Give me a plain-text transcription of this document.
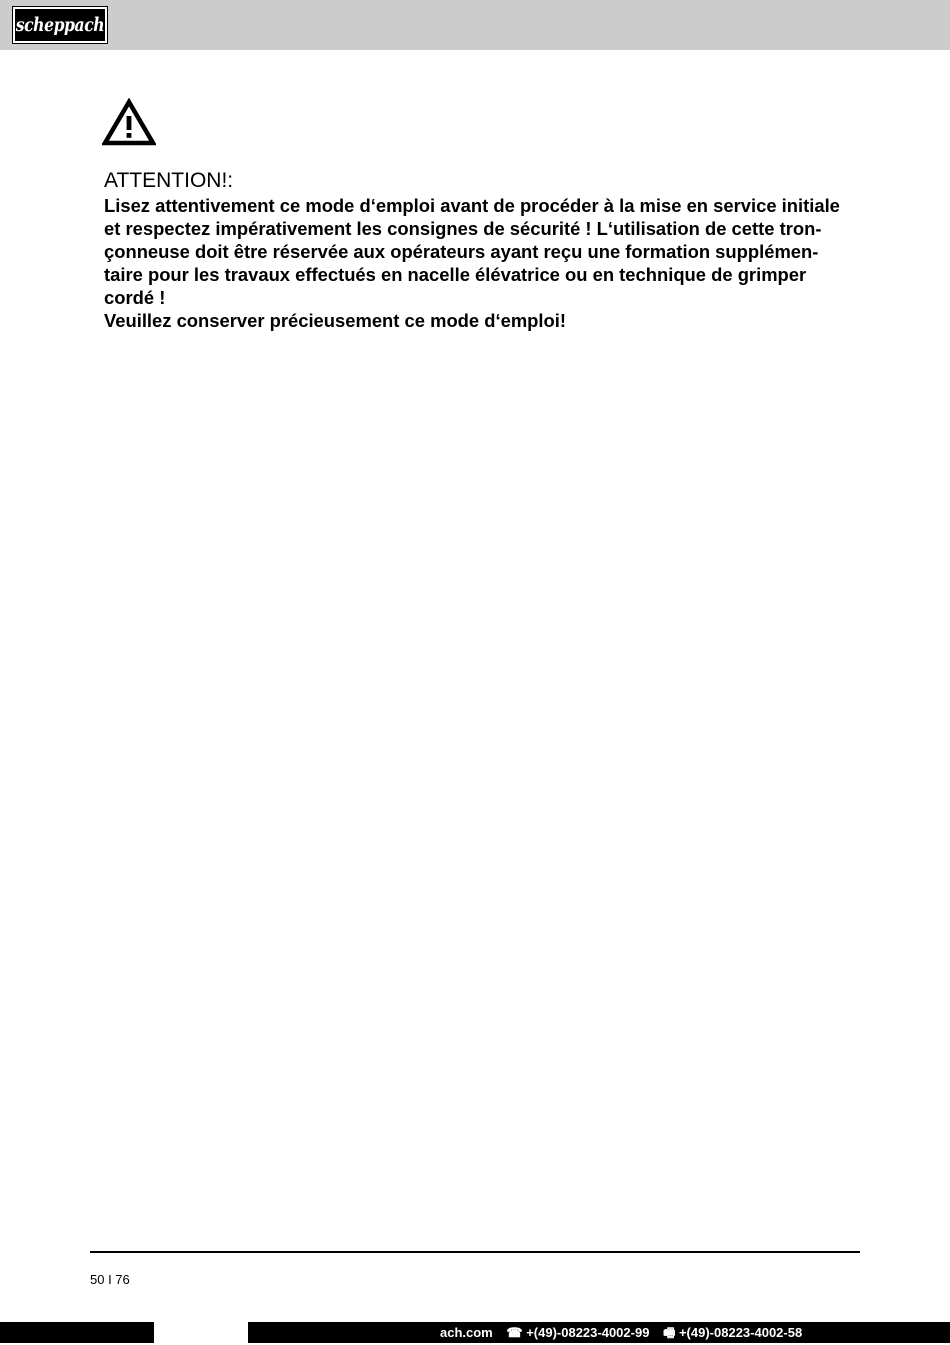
scheppach
ATTENTION!:
Lisez attentivement ce mode d‘emploi avant de procéder à la mise en service initiale
et respectez impérativement les consignes de sécurité ! L‘utilisation de cette tron-
çonneuse doit être réservée aux opérateurs ayant reçu une formation supplémen-
taire pour les travaux effectués en nacelle élévatrice ou en technique de grimper
cordé !
Veuillez conserver précieusement ce mode d‘emploi!
50 I 76
ach.com ☎ +(49)-08223-4002-99 🖷 +(49)-08223-4002-58
